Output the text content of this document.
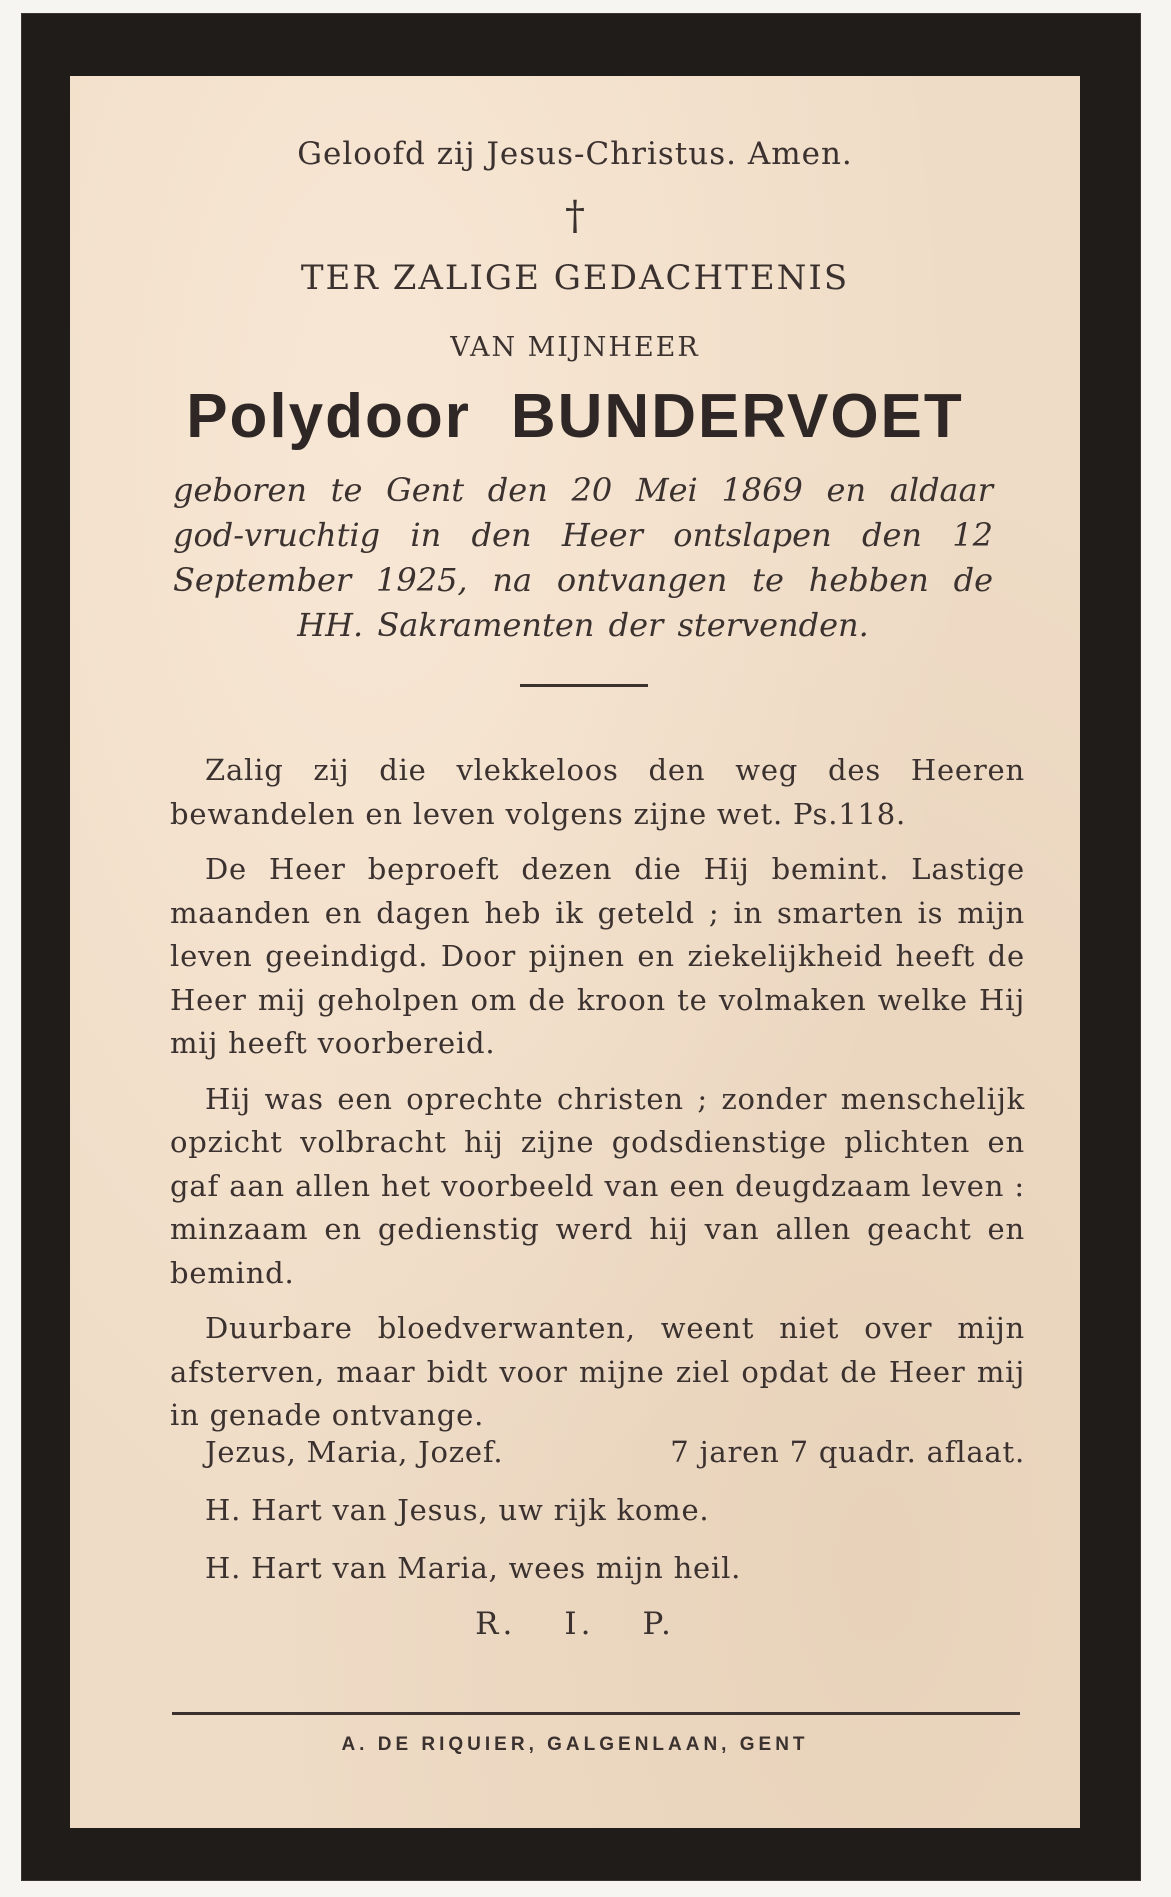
Geloofd zij Jesus-Christus. Amen.
†
TER ZALIGE GEDACHTENIS
VAN MIJNHEER
Polydoor BUNDERVOET
geboren te Gent den 20 Mei 1869 en aldaar god-vruchtig in den Heer ontslapen den 12 September 1925, na ontvangen te hebben de HH. Sakramenten der stervenden.

Zalig zij die vlekkeloos den weg des Heeren bewandelen en leven volgens zijne wet. Ps.118.

De Heer beproeft dezen die Hij bemint. Lastige maanden en dagen heb ik geteld ; in smarten is mijn leven geeindigd. Door pijnen en ziekelijkheid heeft de Heer mij geholpen om de kroon te volmaken welke Hij mij heeft voorbereid.

Hij was een oprechte christen ; zonder menschelijk opzicht volbracht hij zijne godsdienstige plichten en gaf aan allen het voorbeeld van een deugdzaam leven : minzaam en gedienstig werd hij van allen geacht en bemind.

Duurbare bloedverwanten, weent niet over mijn afsterven, maar bidt voor mijne ziel opdat de Heer mij in genade ontvange.

Jezus, Maria, Jozef.	7 jaren 7 quadr. aflaat.
H. Hart van Jesus, uw rijk kome.
H. Hart van Maria, wees mijn heil.
R. I. P.
A. DE RIQUIER, GALGENLAAN, GENT
